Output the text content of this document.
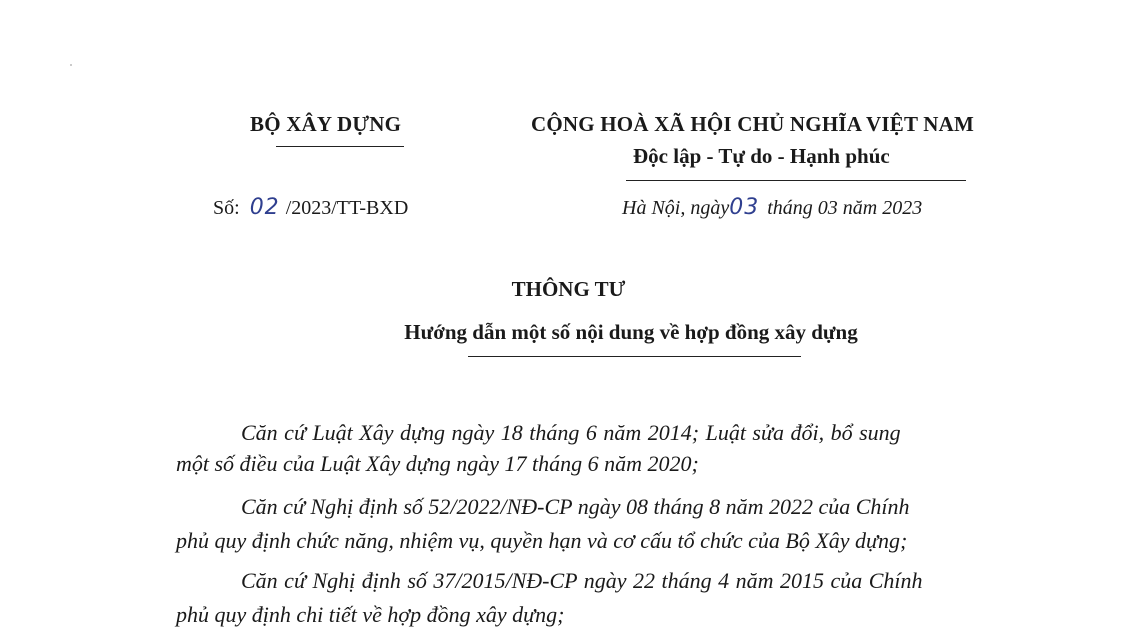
BỘ XÂY DỰNG	CỘNG HOÀ XÃ HỘI CHỦ NGHĨA VIỆT NAM
Độc lập - Tự do - Hạnh phúc
Số: 02 /2023/TT-BXD	Hà Nội, ngày03 tháng 03 năm 2023
THÔNG TƯ
Hướng dẫn một số nội dung về hợp đồng xây dựng
Căn cứ Luật Xây dựng ngày 18 tháng 6 năm 2014; Luật sửa đổi, bổ sung
một số điều của Luật Xây dựng ngày 17 tháng 6 năm 2020;
Căn cứ Nghị định số 52/2022/NĐ-CP ngày 08 tháng 8 năm 2022 của Chính
phủ quy định chức năng, nhiệm vụ, quyền hạn và cơ cấu tổ chức của Bộ Xây dựng;
Căn cứ Nghị định số 37/2015/NĐ-CP ngày 22 tháng 4 năm 2015 của Chính
phủ quy định chi tiết về hợp đồng xây dựng;
